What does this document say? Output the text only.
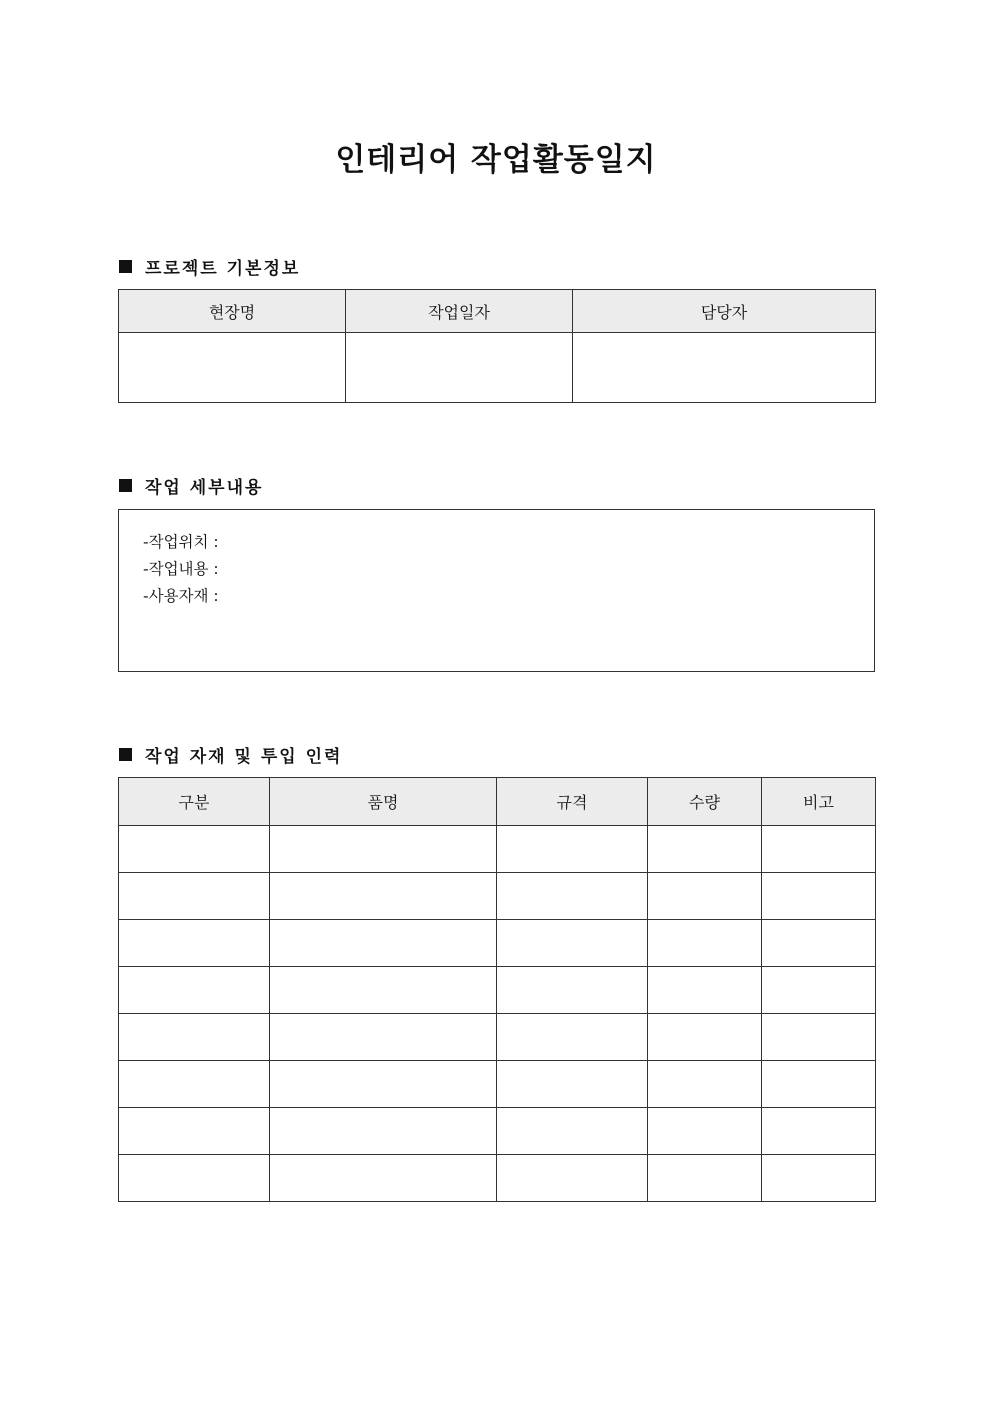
인테리어 작업활동일지
프로젝트 기본정보
현장명	작업일자	담당자

작업 세부내용
-작업위치 :
-작업내용 :
-사용자재 :
작업 자재 및 투입 인력
구분	품명	규격	수량	비고
